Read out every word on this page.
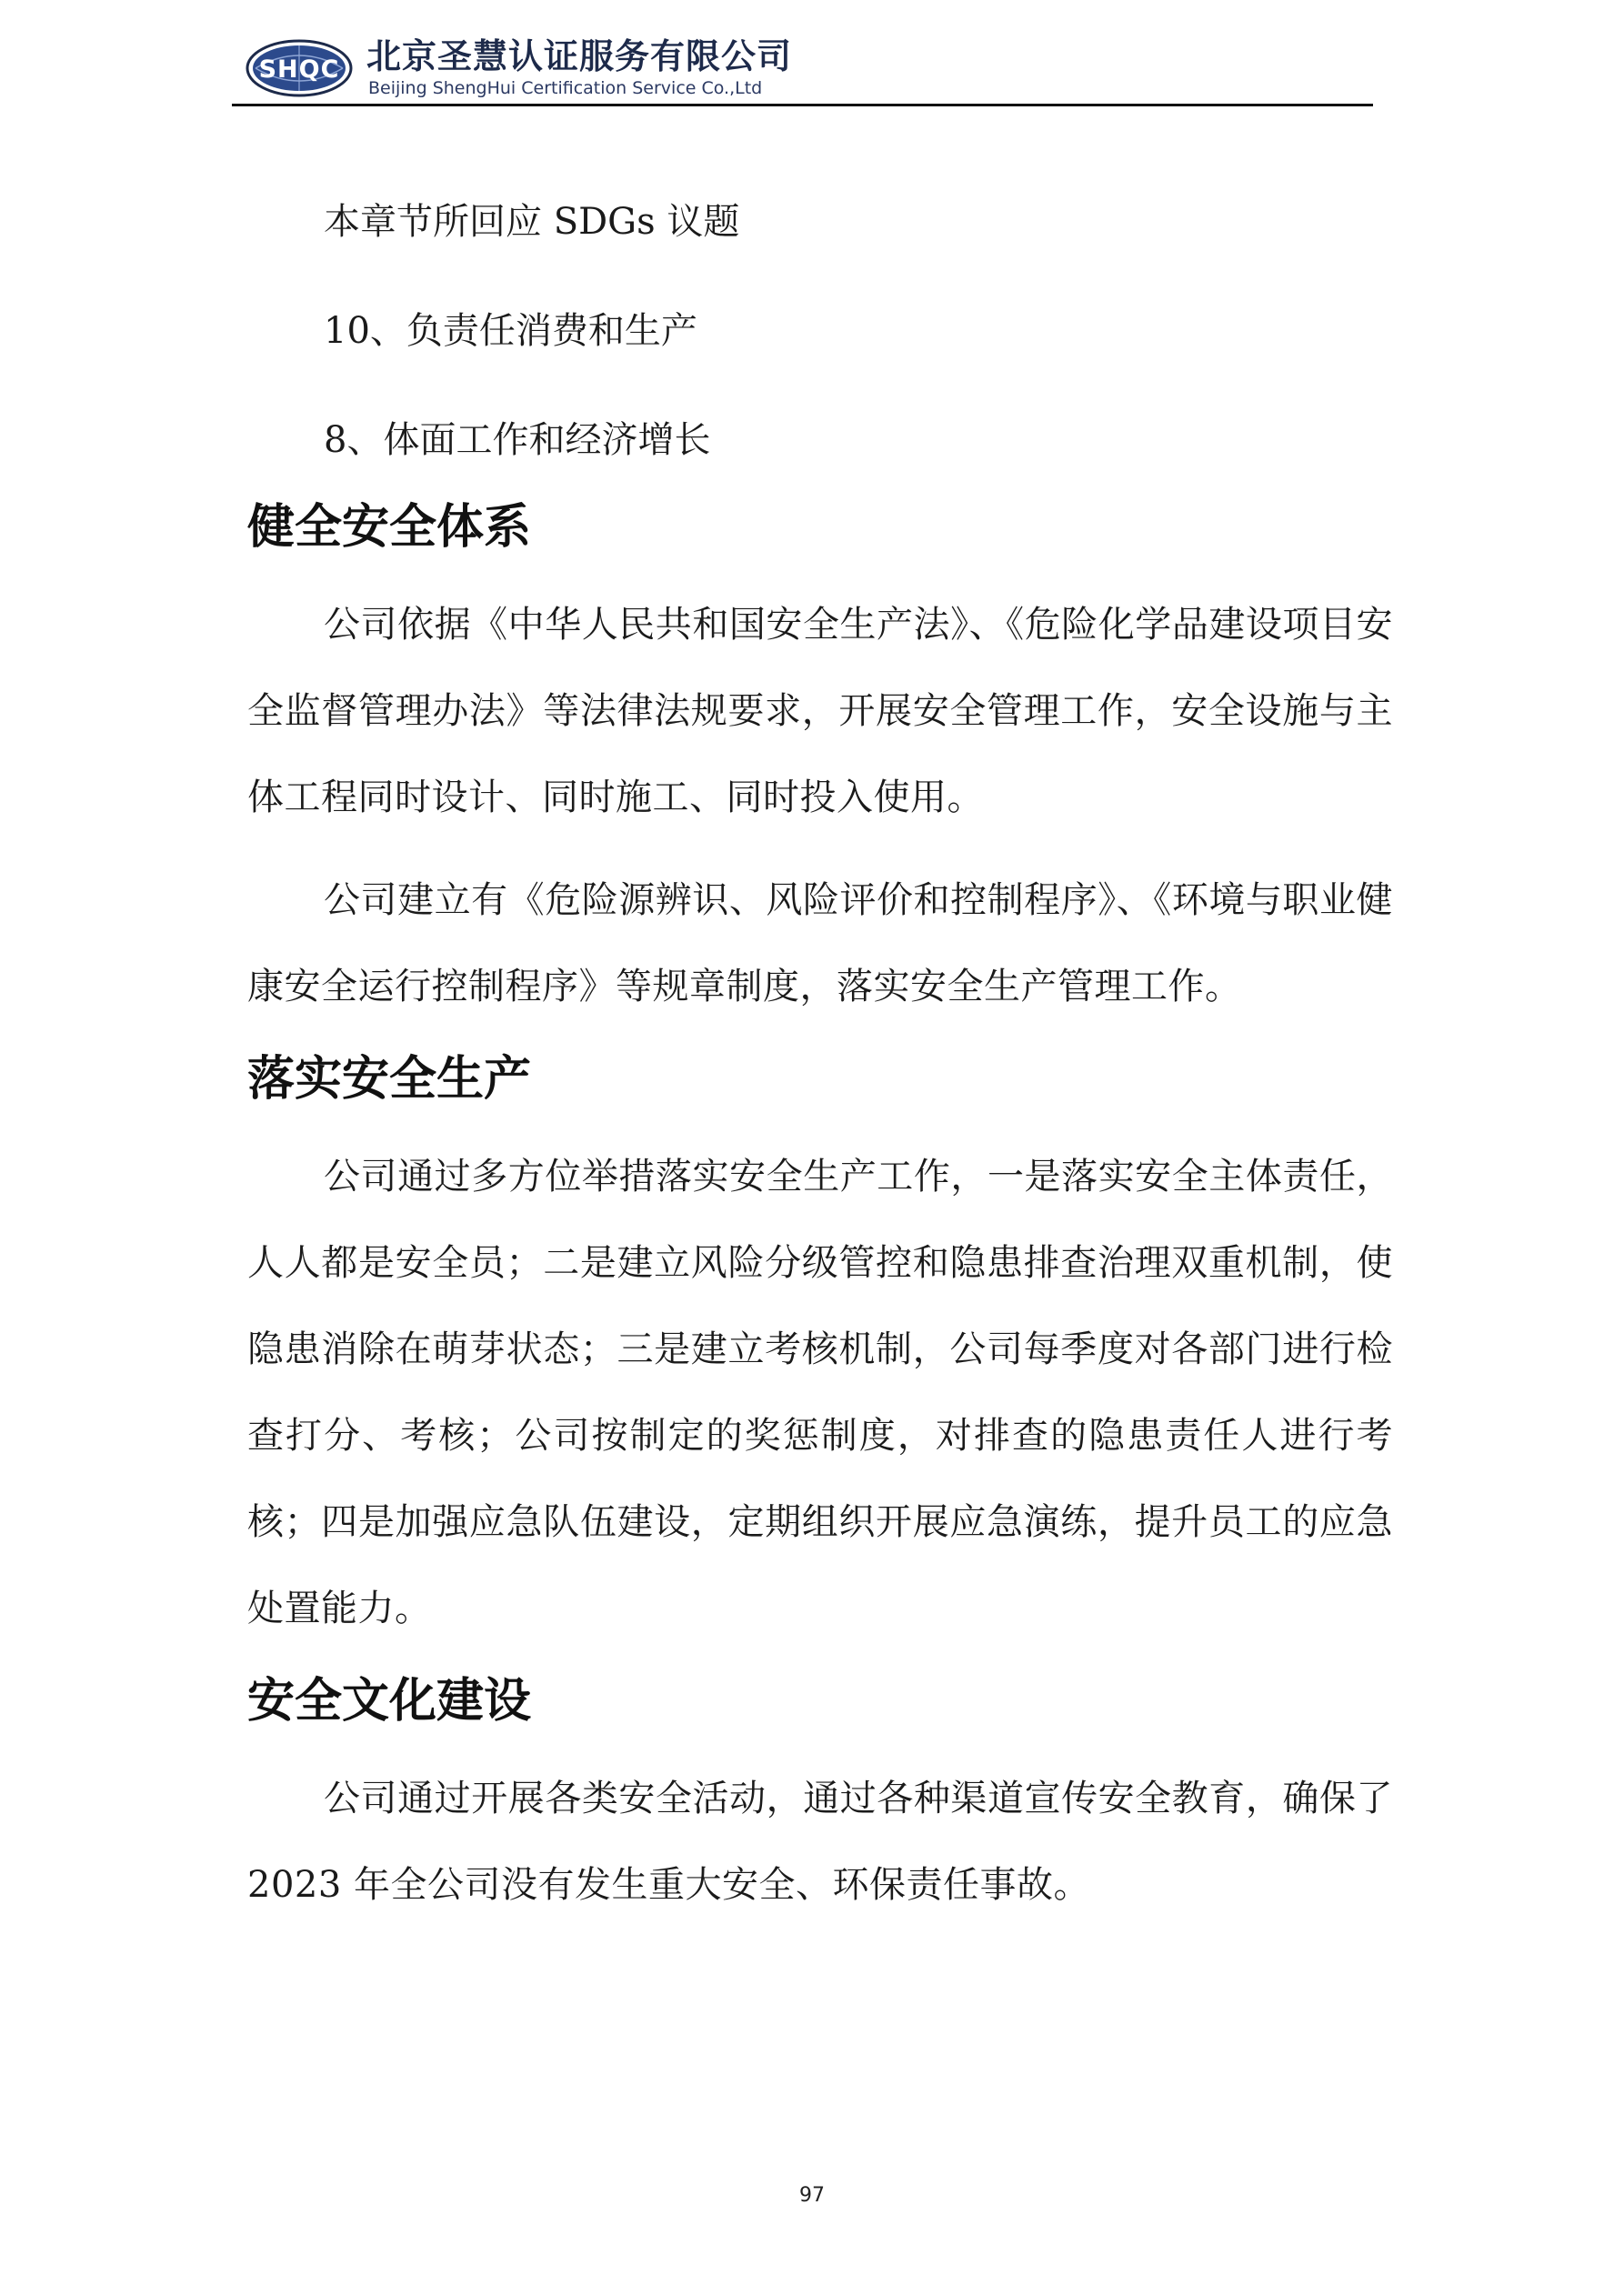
SHQC 北京圣慧认证服务有限公司
Beijing ShengHui Certification Service Co.,Ltd
本章节所回应 SDGs 议题
10、负责任消费和生产
8、体面工作和经济增长
健全安全体系

公司依据《中华人民共和国安全生产法》、《危险化学品建设项目安全监督管理办法》等法律法规要求，开展安全管理工作，安全设施与主体工程同时设计、同时施工、同时投入使用。

公司建立有《危险源辨识、风险评价和控制程序》、《环境与职业健康安全运行控制程序》等规章制度，落实安全生产管理工作。

落实安全生产

公司通过多方位举措落实安全生产工作，一是落实安全主体责任，人人都是安全员；二是建立风险分级管控和隐患排查治理双重机制，使隐患消除在萌芽状态；三是建立考核机制，公司每季度对各部门进行检查打分、考核；公司按制定的奖惩制度，对排查的隐患责任人进行考核；四是加强应急队伍建设，定期组织开展应急演练，提升员工的应急处置能力。

安全文化建设

公司通过开展各类安全活动，通过各种渠道宣传安全教育，确保了 2023 年全公司没有发生重大安全、环保责任事故。

97
